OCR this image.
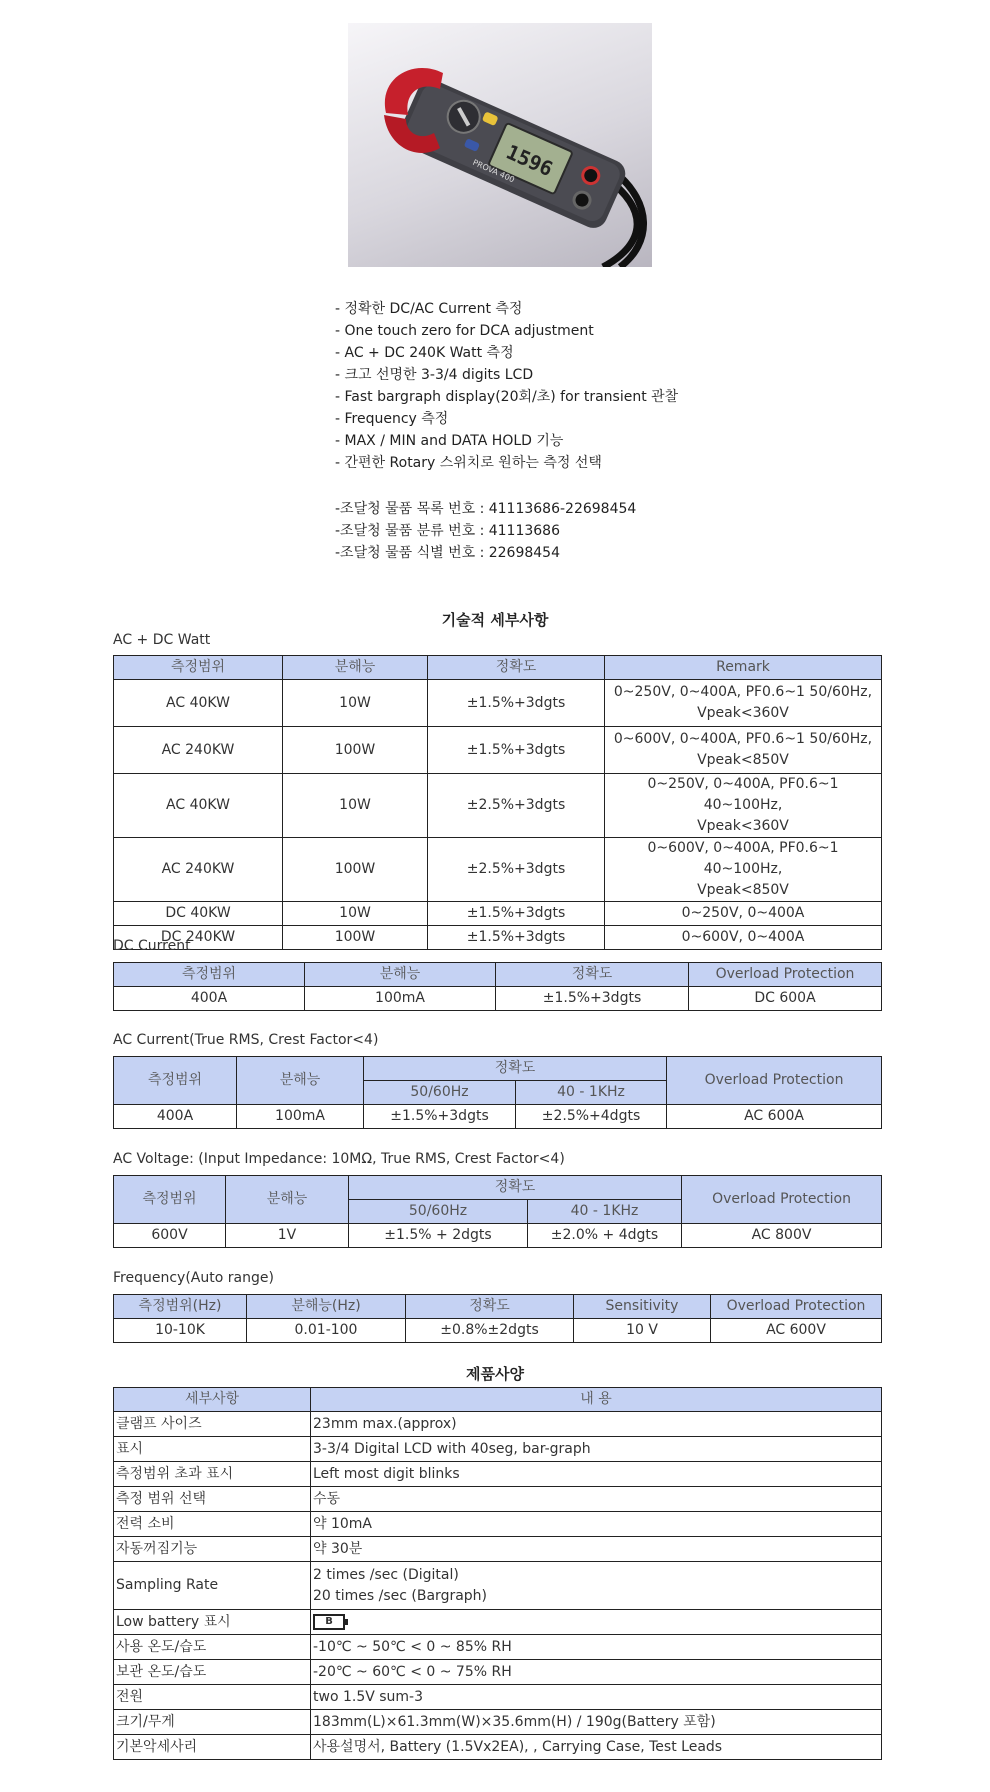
1596
PROVA 400
- 정확한 DC/AC Current 측정
- One touch zero for DCA adjustment
- AC + DC 240K Watt 측정
- 크고 선명한 3-3/4 digits LCD
- Fast bargraph display(20회/초) for transient 관찰
- Frequency 측정
- MAX / MIN and DATA HOLD 기능
- 간편한 Rotary 스위치로 원하는 측정 선택
-조달청 물품 목록 번호 : 41113686-22698454
-조달청 물품 분류 번호 : 41113686
-조달청 물품 식별 번호 : 22698454
기술적 세부사항
AC + DC Watt
측정범위	분해능	정확도	Remark
AC 40KW	10W	±1.5%+3dgts	0~250V, 0~400A, PF0.6~1 50/60Hz,
Vpeak<360V

AC 240KW	100W	±1.5%+3dgts	0~600V, 0~400A, PF0.6~1 50/60Hz,
Vpeak<850V

AC 40KW	10W	±2.5%+3dgts	0~250V, 0~400A, PF0.6~1 40~100Hz,
Vpeak<360V

AC 240KW	100W	±2.5%+3dgts	0~600V, 0~400A, PF0.6~1 40~100Hz,
Vpeak<850V

DC 40KW	10W	±1.5%+3dgts	0~250V, 0~400A
DC 240KW	100W	±1.5%+3dgts	0~600V, 0~400A
DC Current
측정범위	분해능	정확도	Overload Protection
400A	100mA	±1.5%+3dgts	DC 600A
AC Current(True RMS, Crest Factor<4)
측정범위	분해능	정확도		Overload Protection
		50/60Hz	40 - 1KHz	
400A	100mA	±1.5%+3dgts	±2.5%+4dgts	AC 600A
AC Voltage: (Input Impedance: 10MΩ, True RMS, Crest Factor<4)
측정범위	분해능	정확도		Overload Protection
		50/60Hz	40 - 1KHz	
600V	1V	±1.5% + 2dgts	±2.0% + 4dgts	AC 800V
Frequency(Auto range)
측정범위(Hz)	분해능(Hz)	정확도	Sensitivity	Overload Protection
10-10K	0.01-100	±0.8%±2dgts	10 V	AC 600V
제품사양
세부사항	내 용
클램프 사이즈	23mm max.(approx)
표시	3-3/4 Digital LCD with 40seg, bar-graph
측정범위 초과 표시	Left most digit blinks
측정 범위 선택	수동
전력 소비	약 10mA
자동꺼짐기능	약 30분
Sampling Rate	2 times /sec (Digital)
20 times /sec (Bargraph)

Low battery 표시	B
사용 온도/습도	-10℃ ~ 50℃ < 0 ~ 85% RH
보관 온도/습도	-20℃ ~ 60℃ < 0 ~ 75% RH
전원	two 1.5V sum-3
크기/무게	183mm(L)×61.3mm(W)×35.6mm(H) / 190g(Battery 포함)
기본악세사리	사용설명서, Battery (1.5Vx2EA), , Carrying Case, Test Leads
